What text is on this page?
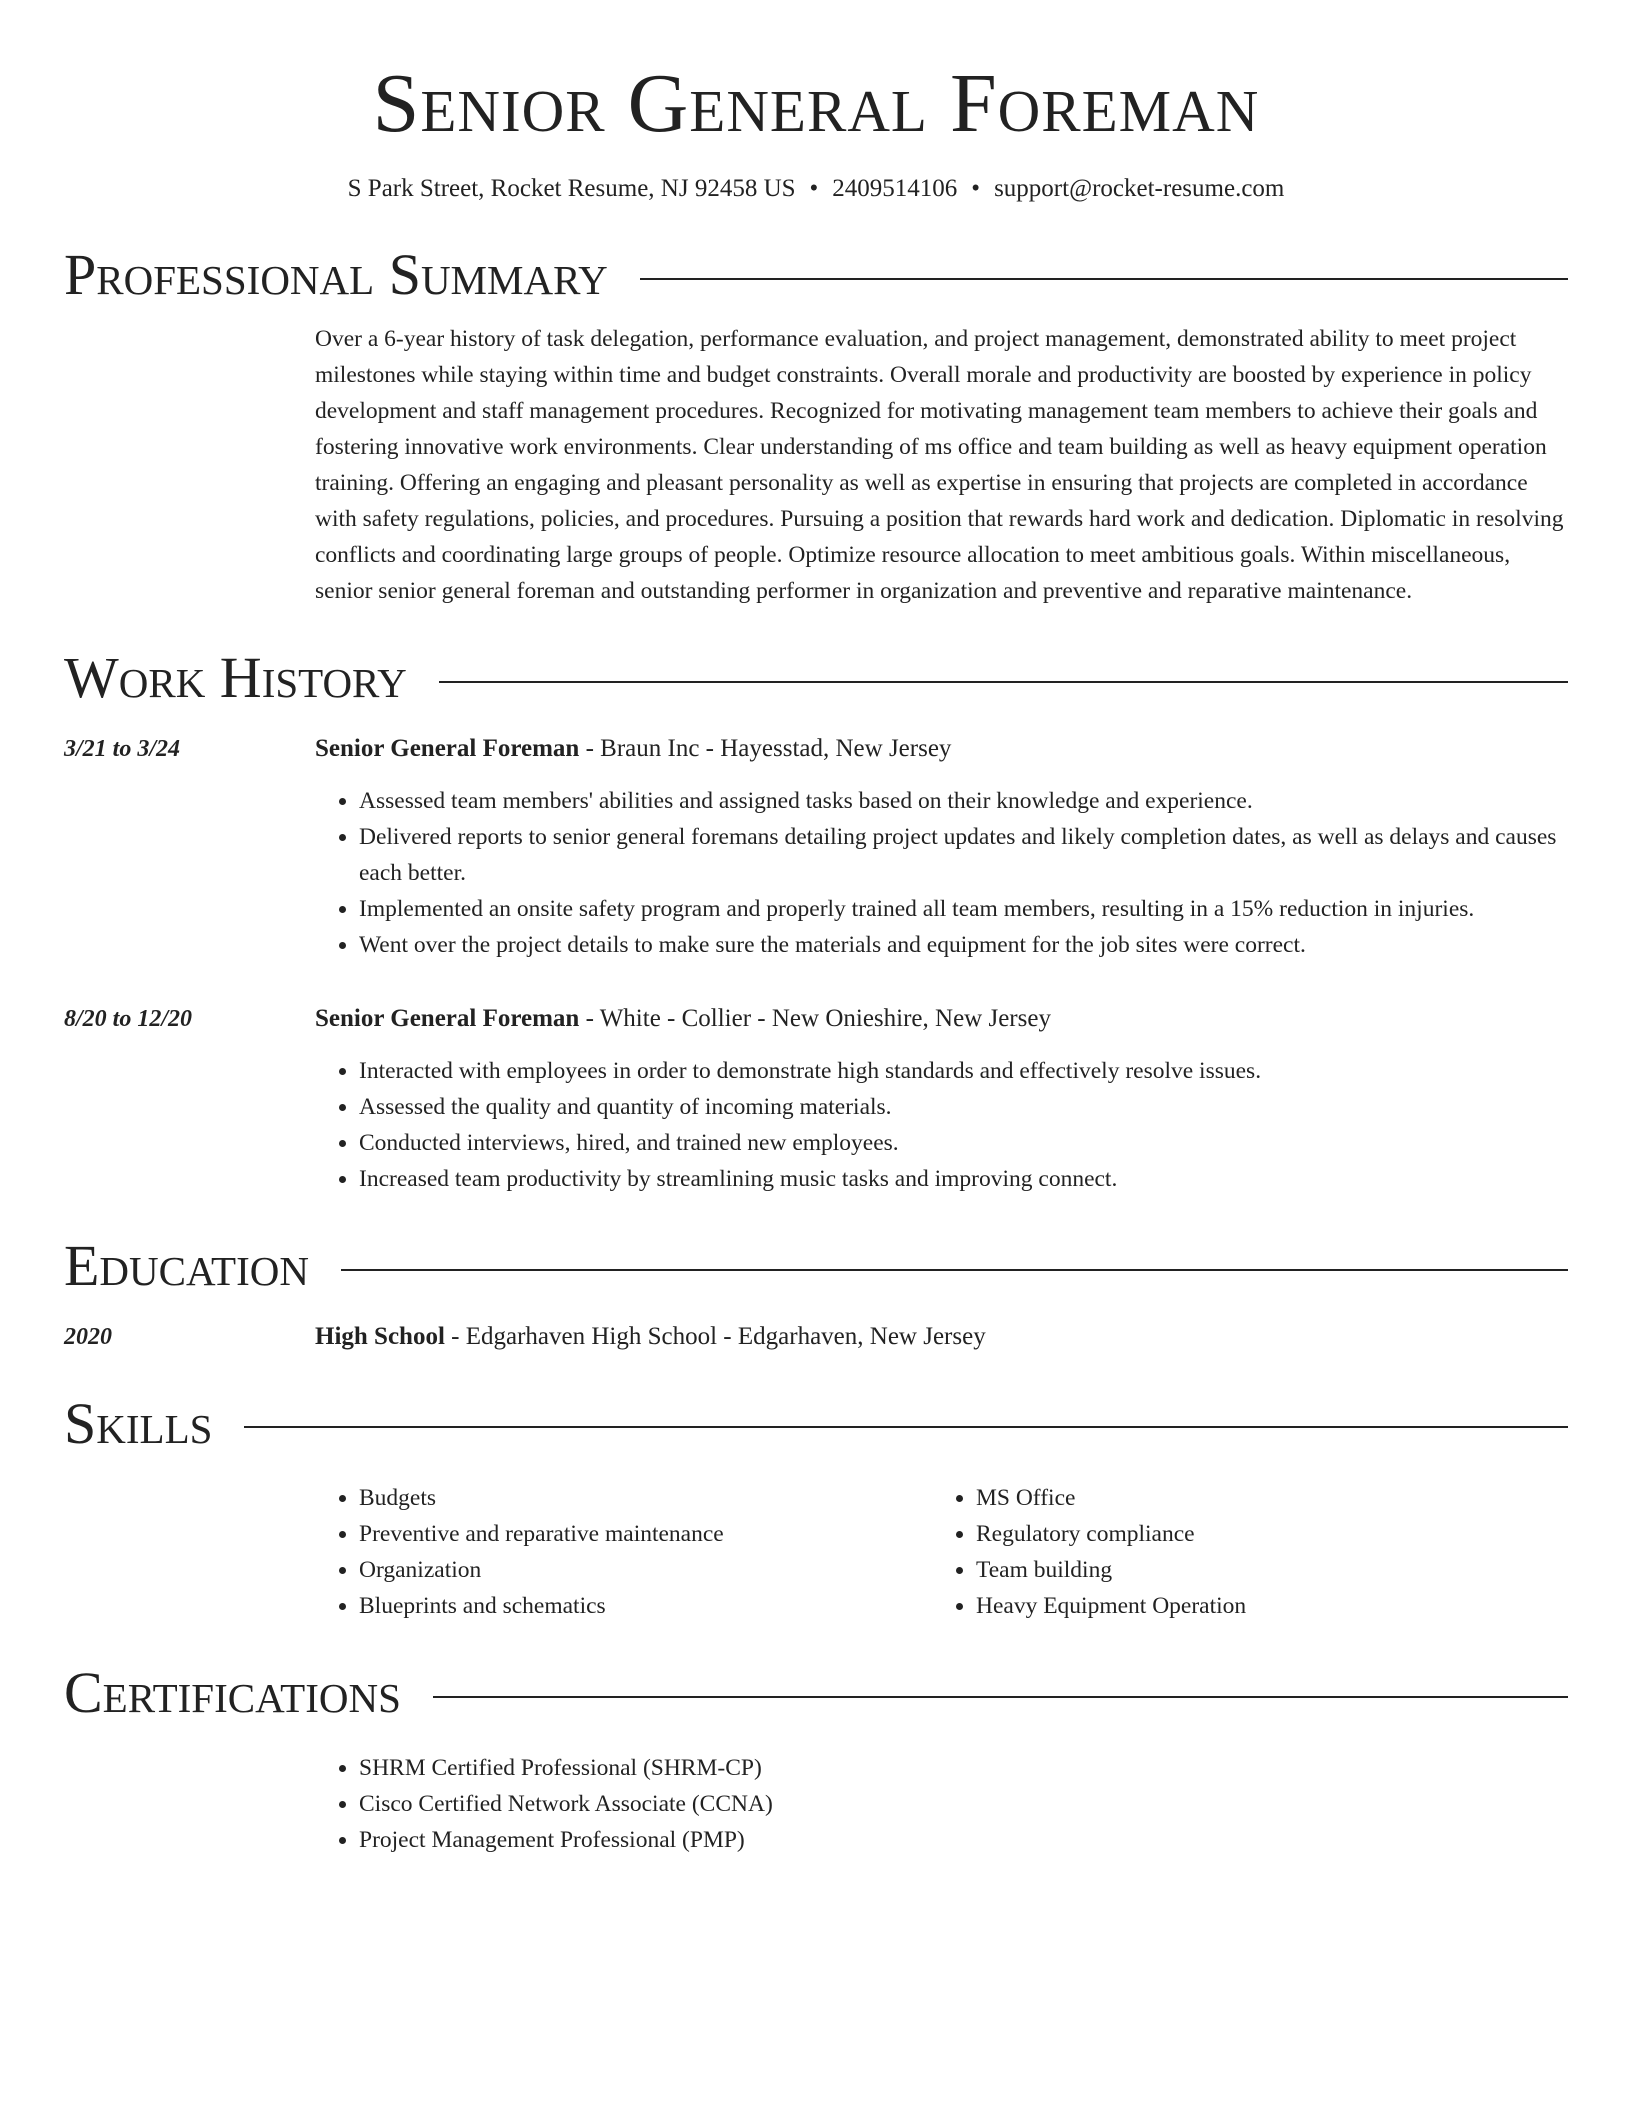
Senior General Foreman
S Park Street, Rocket Resume, NJ 92458 US • 2409514106 • support@rocket-resume.com
Professional Summary
Over a 6-year history of task delegation, performance evaluation, and project management, demonstrated ability to meet project milestones while staying within time and budget constraints. Overall morale and productivity are boosted by experience in policy development and staff management procedures. Recognized for motivating management team members to achieve their goals and fostering innovative work environments. Clear understanding of ms office and team building as well as heavy equipment operation training. Offering an engaging and pleasant personality as well as expertise in ensuring that projects are completed in accordance with safety regulations, policies, and procedures. Pursuing a position that rewards hard work and dedication. Diplomatic in resolving conflicts and coordinating large groups of people. Optimize resource allocation to meet ambitious goals. Within miscellaneous, senior senior general foreman and outstanding performer in organization and preventive and reparative maintenance.
Work History
3/21 to 3/24	Senior General Foreman - Braun Inc - Hayesstad, New Jersey
• Assessed team members' abilities and assigned tasks based on their knowledge and experience.
• Delivered reports to senior general foremans detailing project updates and likely completion dates, as well as delays and causes each better.
• Implemented an onsite safety program and properly trained all team members, resulting in a 15% reduction in injuries.
• Went over the project details to make sure the materials and equipment for the job sites were correct.
8/20 to 12/20	Senior General Foreman - White - Collier - New Onieshire, New Jersey
• Interacted with employees in order to demonstrate high standards and effectively resolve issues.
• Assessed the quality and quantity of incoming materials.
• Conducted interviews, hired, and trained new employees.
• Increased team productivity by streamlining music tasks and improving connect.
Education
2020	High School - Edgarhaven High School - Edgarhaven, New Jersey
Skills
• Budgets
• Preventive and reparative maintenance
• Organization
• Blueprints and schematics
• MS Office
• Regulatory compliance
• Team building
• Heavy Equipment Operation
Certifications
• SHRM Certified Professional (SHRM-CP)
• Cisco Certified Network Associate (CCNA)
• Project Management Professional (PMP)
